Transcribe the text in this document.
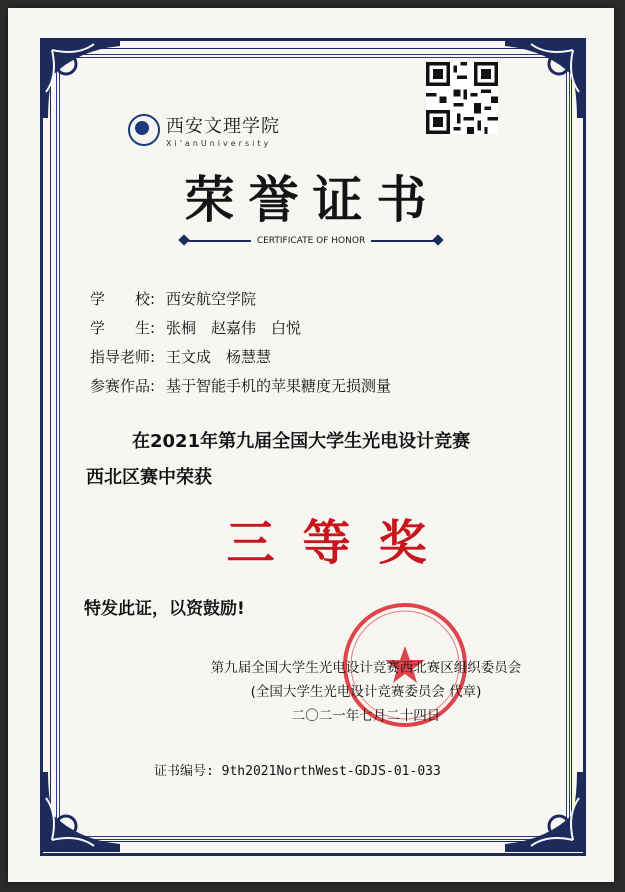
西安文理学院
Xi'anUniversity
荣誉证书
CERTIFICATE OF HONOR
学　　校: 西安航空学院
学　　生: 张桐　赵嘉伟　白悦
指导老师: 王文成　杨慧慧
参赛作品: 基于智能手机的苹果糖度无损测量
在2021年第九届全国大学生光电设计竞赛
西北区赛中荣获
三等奖
特发此证，以资鼓励!
第九届全国大学生光电设计竞赛西北赛区组织委员会
(全国大学生光电设计竞赛委员会 代章)
二〇二一年七月二十四日
证书编号: 9th2021NorthWest-GDJS-01-033
